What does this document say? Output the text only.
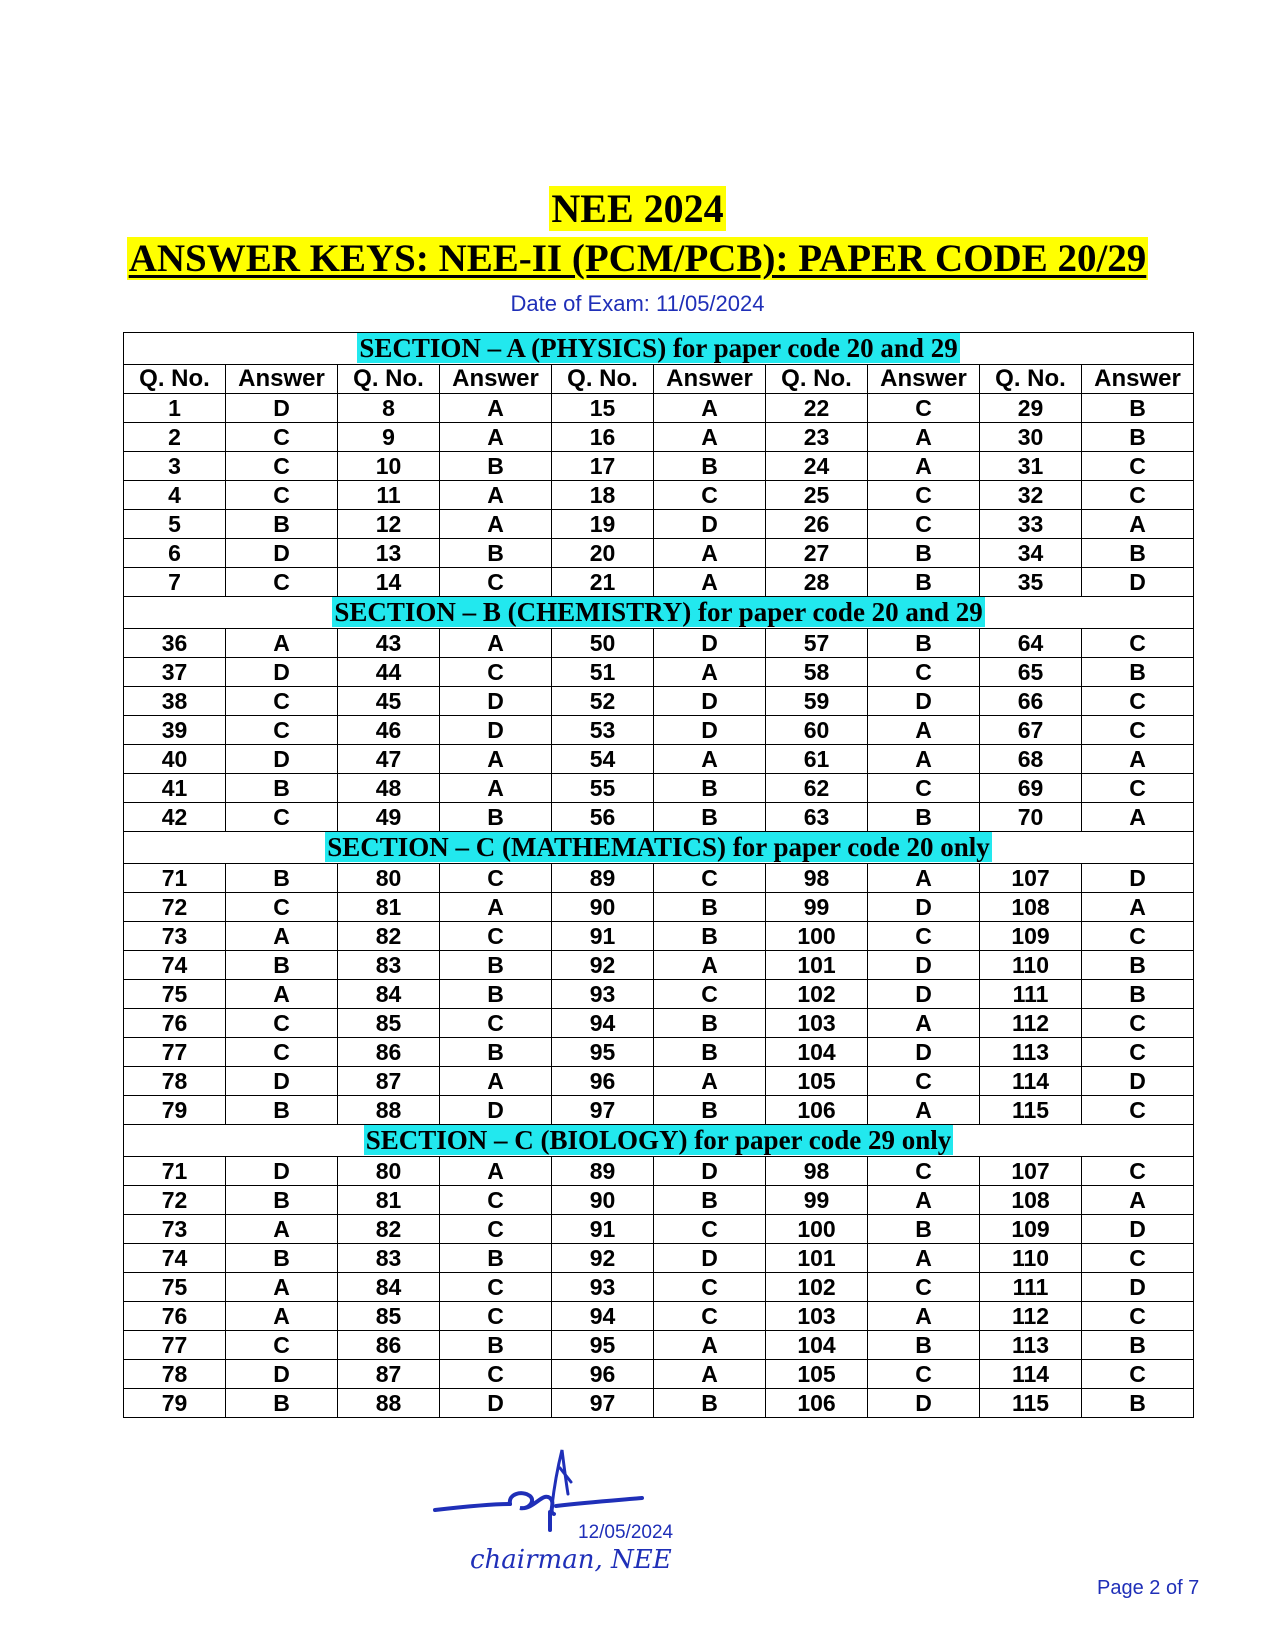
NEE 2024
ANSWER KEYS: NEE-II (PCM/PCB): PAPER CODE 20/29
Date of Exam: 11/05/2024
SECTION – A (PHYSICS) for paper code 20 and 29									
Q. No.	Answer	Q. No.	Answer	Q. No.	Answer	Q. No.	Answer	Q. No.	Answer
1	D	8	A	15	A	22	C	29	B
2	C	9	A	16	A	23	A	30	B
3	C	10	B	17	B	24	A	31	C
4	C	11	A	18	C	25	C	32	C
5	B	12	A	19	D	26	C	33	A
6	D	13	B	20	A	27	B	34	B
7	C	14	C	21	A	28	B	35	D
SECTION – B (CHEMISTRY) for paper code 20 and 29									
36	A	43	A	50	D	57	B	64	C
37	D	44	C	51	A	58	C	65	B
38	C	45	D	52	D	59	D	66	C
39	C	46	D	53	D	60	A	67	C
40	D	47	A	54	A	61	A	68	A
41	B	48	A	55	B	62	C	69	C
42	C	49	B	56	B	63	B	70	A
SECTION – C (MATHEMATICS) for paper code 20 only									
71	B	80	C	89	C	98	A	107	D
72	C	81	A	90	B	99	D	108	A
73	A	82	C	91	B	100	C	109	C
74	B	83	B	92	A	101	D	110	B
75	A	84	B	93	C	102	D	111	B
76	C	85	C	94	B	103	A	112	C
77	C	86	B	95	B	104	D	113	C
78	D	87	A	96	A	105	C	114	D
79	B	88	D	97	B	106	A	115	C
SECTION – C (BIOLOGY) for paper code 29 only									
71	D	80	A	89	D	98	C	107	C
72	B	81	C	90	B	99	A	108	A
73	A	82	C	91	C	100	B	109	D
74	B	83	B	92	D	101	A	110	C
75	A	84	C	93	C	102	C	111	D
76	A	85	C	94	C	103	A	112	C
77	C	86	B	95	A	104	B	113	B
78	D	87	C	96	A	105	C	114	C
79	B	88	D	97	B	106	D	115	B
12/05/2024
chairman, NEE
Page 2 of 7
